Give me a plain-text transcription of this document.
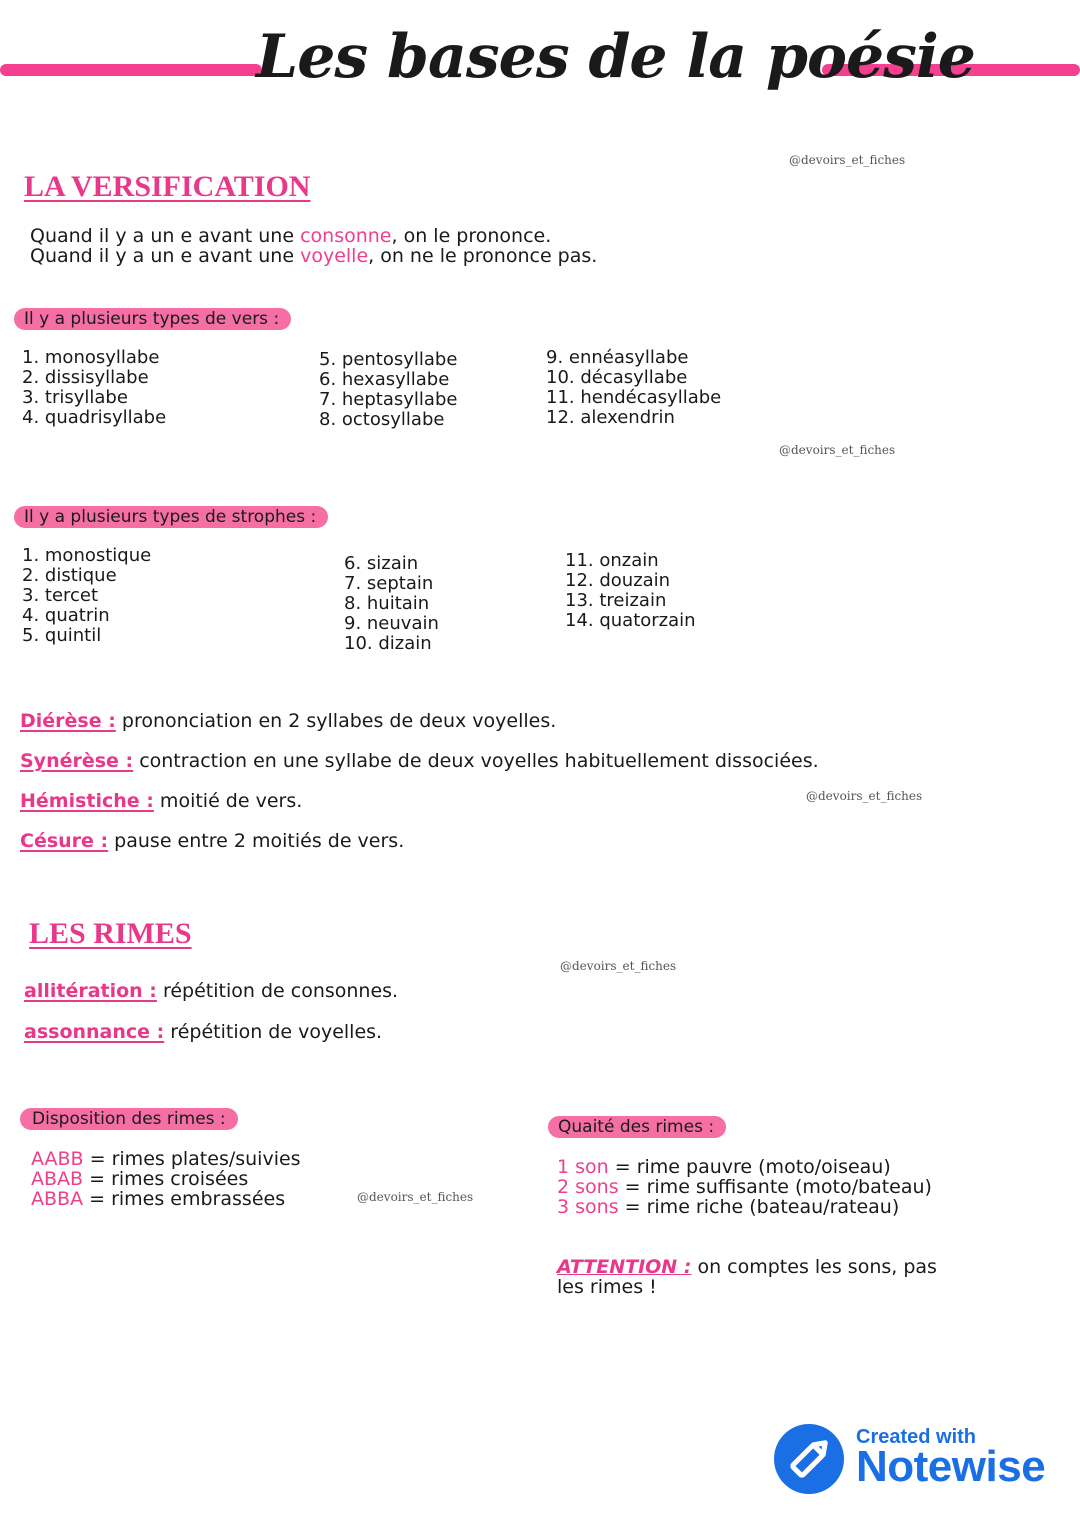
Les bases de la poésie
@devoirs_et_fiches
@devoirs_et_fiches
@devoirs_et_fiches
@devoirs_et_fiches
@devoirs_et_fiches
LA VERSIFICATION
Quand il y a un e avant une consonne, on le prononce.
Quand il y a un e avant une voyelle, on ne le prononce pas.
Il y a plusieurs types de vers :
1. monosyllabe
2. dissisyllabe
3. trisyllabe
4. quadrisyllabe
5. pentosyllabe
6. hexasyllabe
7. heptasyllabe
8. octosyllabe
9. ennéasyllabe
10. décasyllabe
11. hendécasyllabe
12. alexendrin
Il y a plusieurs types de strophes :
1. monostique
2. distique
3. tercet
4. quatrin
5. quintil
6. sizain
7. septain
8. huitain
9. neuvain
10. dizain
11. onzain
12. douzain
13. treizain
14. quatorzain
Diérèse : prononciation en 2 syllabes de deux voyelles.
Synérèse : contraction en une syllabe de deux voyelles habituellement dissociées.
Hémistiche : moitié de vers.
Césure : pause entre 2 moitiés de vers.
LES RIMES
allitération : répétition de consonnes.
assonnance : répétition de voyelles.
Disposition des rimes :
AABB = rimes plates/suivies
ABAB = rimes croisées
ABBA = rimes embrassées
Quaité des rimes :
1 son = rime pauvre (moto/oiseau)
2 sons = rime suffisante (moto/bateau)
3 sons = rime riche (bateau/rateau)
ATTENTION : on comptes les sons, pas
les rimes !
Created with
Notewise
